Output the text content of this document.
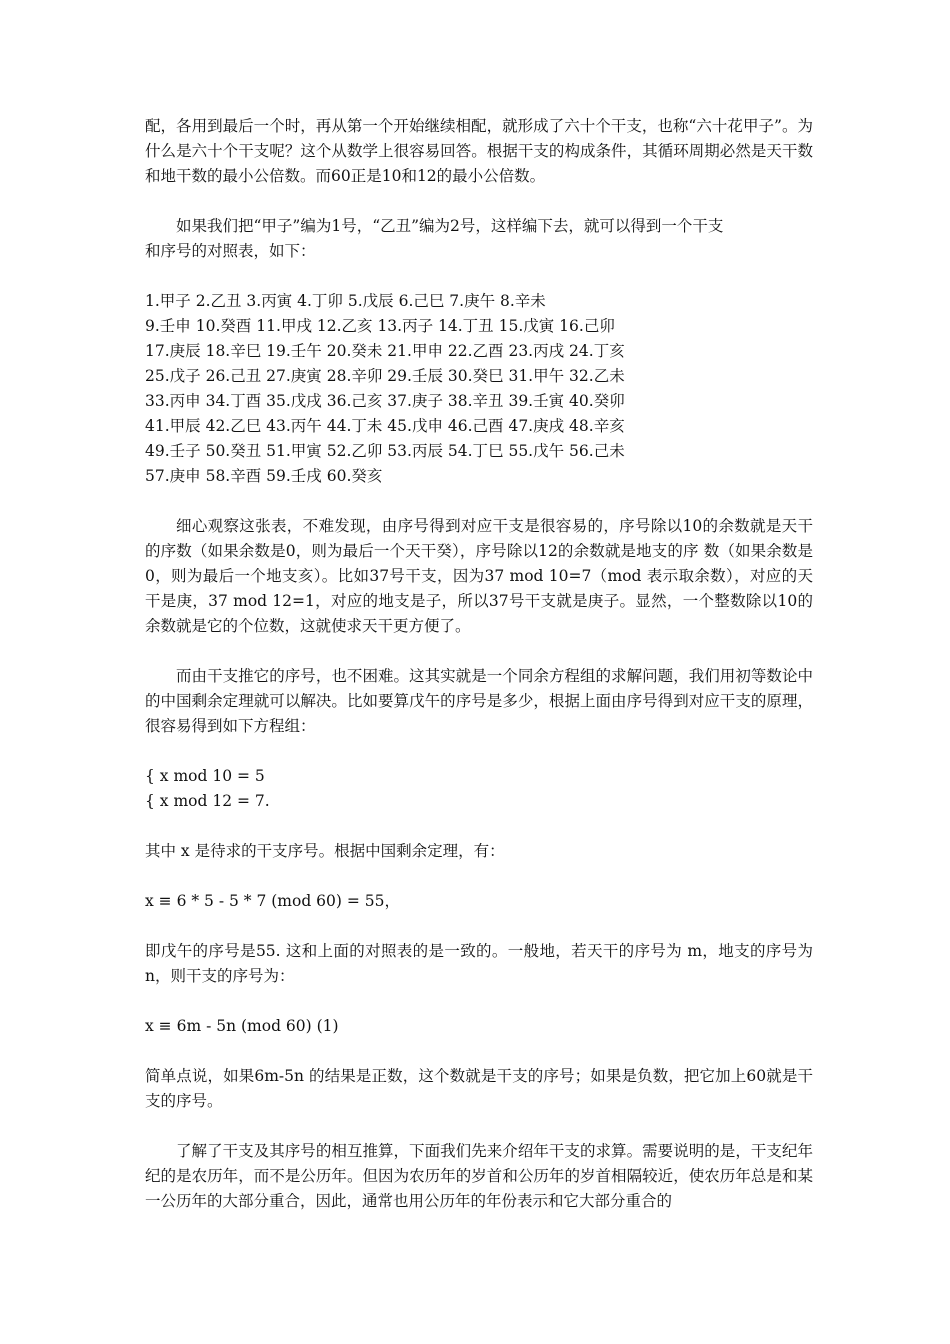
配，各用到最后一个时，再从第一个开始继续相配，就形成了六十个干支，也称“六十花甲子”。为什么是六十个干支呢？这个从数学上很容易回答。根据干支的构成条件，其循环周期必然是天干数和地干数的最小公倍数。而60正是10和12的最小公倍数。

如果我们把“甲子”编为1号，“乙丑”编为2号，这样编下去，就可以得到一个干支
和序号的对照表，如下：

1.甲子 2.乙丑 3.丙寅 4.丁卯 5.戊辰 6.己巳 7.庚午 8.辛未
9.壬申 10.癸酉 11.甲戌 12.乙亥 13.丙子 14.丁丑 15.戊寅 16.己卯
17.庚辰 18.辛巳 19.壬午 20.癸未 21.甲申 22.乙酉 23.丙戌 24.丁亥
25.戊子 26.己丑 27.庚寅 28.辛卯 29.壬辰 30.癸巳 31.甲午 32.乙未
33.丙申 34.丁酉 35.戊戌 36.己亥 37.庚子 38.辛丑 39.壬寅 40.癸卯
41.甲辰 42.乙巳 43.丙午 44.丁未 45.戊申 46.己酉 47.庚戌 48.辛亥
49.壬子 50.癸丑 51.甲寅 52.乙卯 53.丙辰 54.丁巳 55.戊午 56.己未
57.庚申 58.辛酉 59.壬戌 60.癸亥

细心观察这张表，不难发现，由序号得到对应干支是很容易的，序号除以10的余数就是天干的序数（如果余数是0，则为最后一个天干癸），序号除以12的余数就是地支的序 数（如果余数是0，则为最后一个地支亥）。比如37号干支，因为37 mod 10=7（mod 表示取余数），对应的天干是庚，37 mod 12=1，对应的地支是子，所以37号干支就是庚子。显然，一个整数除以10的余数就是它的个位数，这就使求天干更方便了。

而由干支推它的序号，也不困难。这其实就是一个同余方程组的求解问题，我们用初等数论中的中国剩余定理就可以解决。比如要算戊午的序号是多少，根据上面由序号得到对应干支的原理，很容易得到如下方程组：

{ x mod 10 = 5
{ x mod 12 = 7.

其中 x 是待求的干支序号。根据中国剩余定理，有：

x ≡ 6 * 5 - 5 * 7 (mod 60) = 55，

即戊午的序号是55. 这和上面的对照表的是一致的。一般地，若天干的序号为 m，地支的序号为 n，则干支的序号为：

x ≡ 6m - 5n (mod 60) (1)

简单点说，如果6m-5n 的结果是正数，这个数就是干支的序号；如果是负数，把它加上60就是干支的序号。

了解了干支及其序号的相互推算，下面我们先来介绍年干支的求算。需要说明的是，干支纪年纪的是农历年，而不是公历年。但因为农历年的岁首和公历年的岁首相隔较近，使农历年总是和某一公历年的大部分重合，因此，通常也用公历年的年份表示和它大部分重合的
